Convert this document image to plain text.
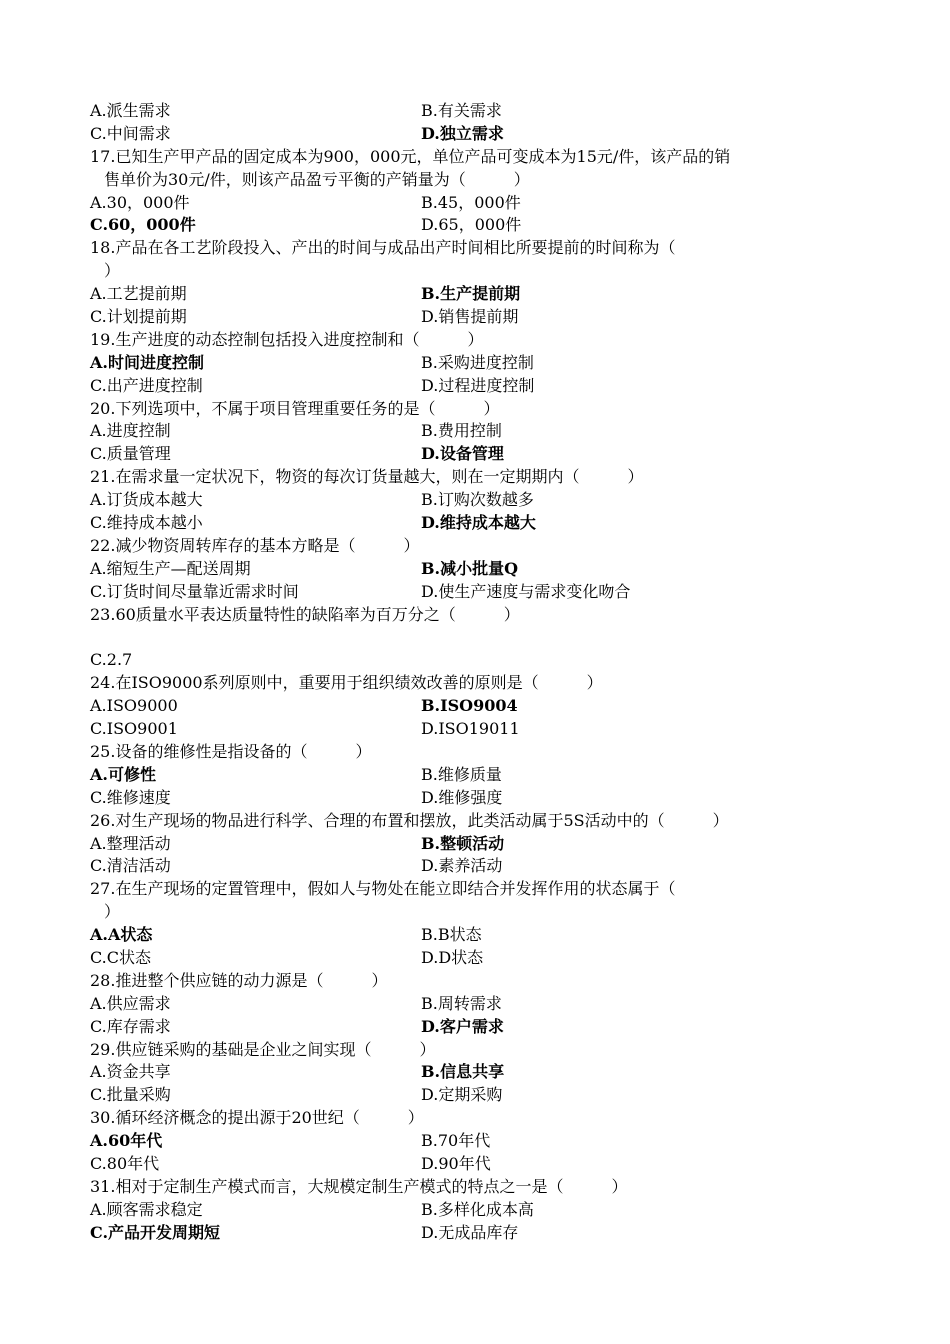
A.派生需求	B.有关需求
C.中间需求	D.独立需求
17.已知生产甲产品的固定成本为900，000元，单位产品可变成本为15元/件，该产品的销
售单价为30元/件，则该产品盈亏平衡的产销量为（　　　）
A.30，000件	B.45，000件
C.60，000件	D.65，000件
18.产品在各工艺阶段投入、产出的时间与成品出产时间相比所要提前的时间称为（
）
A.工艺提前期	B.生产提前期
C.计划提前期	D.销售提前期
19.生产进度的动态控制包括投入进度控制和（　　　）
A.时间进度控制	B.采购进度控制
C.出产进度控制	D.过程进度控制
20.下列选项中，不属于项目管理重要任务的是（　　　）
A.进度控制	B.费用控制
C.质量管理	D.设备管理
21.在需求量一定状况下，物资的每次订货量越大，则在一定期期内（　　　）
A.订货成本越大	B.订购次数越多
C.维持成本越小	D.维持成本越大
22.减少物资周转库存的基本方略是（　　　）
A.缩短生产—配送周期	B.减小批量Q
C.订货时间尽量靠近需求时间	D.使生产速度与需求变化吻合
23.60质量水平表达质量特性的缺陷率为百万分之（　　　）
C.2.7
24.在ISO9000系列原则中，重要用于组织绩效改善的原则是（　　　）
A.ISO9000	B.ISO9004
C.ISO9001	D.ISO19011
25.设备的维修性是指设备的（　　　）
A.可修性	B.维修质量
C.维修速度	D.维修强度
26.对生产现场的物品进行科学、合理的布置和摆放，此类活动属于5S活动中的（　　　）
A.整理活动	B.整顿活动
C.清洁活动	D.素养活动
27.在生产现场的定置管理中，假如人与物处在能立即结合并发挥作用的状态属于（
）
A.A状态	B.B状态
C.C状态	D.D状态
28.推进整个供应链的动力源是（　　　）
A.供应需求	B.周转需求
C.库存需求	D.客户需求
29.供应链采购的基础是企业之间实现（　　　）
A.资金共享	B.信息共享
C.批量采购	D.定期采购
30.循环经济概念的提出源于20世纪（　　　）
A.60年代	B.70年代
C.80年代	D.90年代
31.相对于定制生产模式而言，大规模定制生产模式的特点之一是（　　　）
A.顾客需求稳定	B.多样化成本高
C.产品开发周期短	D.无成品库存
